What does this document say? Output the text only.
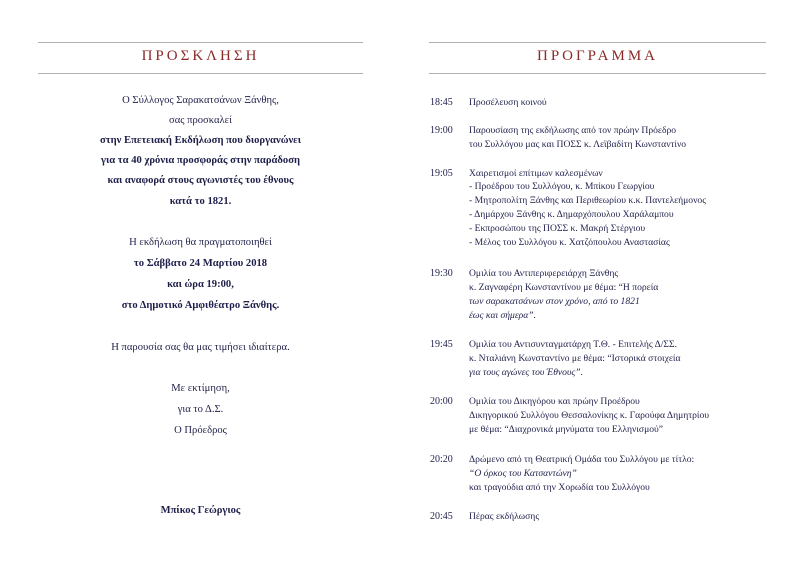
ΠΡΟΣΚΛΗΣΗ
Ο Σύλλογος Σαρακατσάνων Ξάνθης,
σας προσκαλεί
στην Επετειακή Εκδήλωση που διοργανώνει
για τα 40 χρόνια προσφοράς στην παράδοση
και αναφορά στους αγωνιστές του έθνους
κατά το 1821.
Η εκδήλωση θα πραγματοποιηθεί
το Σάββατο 24 Μαρτίου 2018
και ώρα 19:00,
στο Δημοτικό Αμφιθέατρο Ξάνθης.
Η παρουσία σας θα μας τιμήσει ιδιαίτερα.
Με εκτίμηση,
για το Δ.Σ.
Ο Πρόεδρος
Μπίκος Γεώργιος
ΠΡΟΓΡΑΜΜΑ
18:45 Προσέλευση κοινού
19:00 Παρουσίαση της εκδήλωσης από τον πρώην Πρόεδρο
του Συλλόγου μας και ΠΟΣΣ κ. Λεϊβαδίτη Κωνσταντίνο
19:05 Χαιρετισμοί επίτιμων καλεσμένων
- Προέδρου του Συλλόγου, κ. Μπίκου Γεωργίου
- Μητροπολίτη Ξάνθης και Περιθεωρίου κ.κ. Παντελεήμονος
- Δημάρχου Ξάνθης κ. Δημαρχόπουλου Χαράλαμπου
- Εκπροσώπου της ΠΟΣΣ κ. Μακρή Στέργιου
- Μέλος του Συλλόγου κ. Χατζόπουλου Αναστασίας
19:30 Ομιλία του Αντιπεριφερειάρχη Ξάνθης
κ. Ζαγναφέρη Κωνσταντίνου με θέμα: “Η πορεία
των σαρακατσάνων στον χρόνο, από το 1821
έως και σήμερα”.
19:45 Ομιλία του Αντισυνταγματάρχη Τ.Θ. - Επιτελής Δ/ΣΣ.
κ. Νταλιάνη Κωνσταντίνο με θέμα: “Ιστορικά στοιχεία
για τους αγώνες του Έθνους”.
20:00 Ομιλία του Δικηγόρου και πρώην Προέδρου
Δικηγορικού Συλλόγου Θεσσαλονίκης κ. Γαρούφα Δημητρίου
με θέμα: “Διαχρονικά μηνύματα του Ελληνισμού”
20:20 Δρώμενο από τη Θεατρική Ομάδα του Συλλόγου με τίτλο:
“Ο όρκος του Κατσαντώνη”
και τραγούδια από την Χορωδία του Συλλόγου
20:45 Πέρας εκδήλωσης
